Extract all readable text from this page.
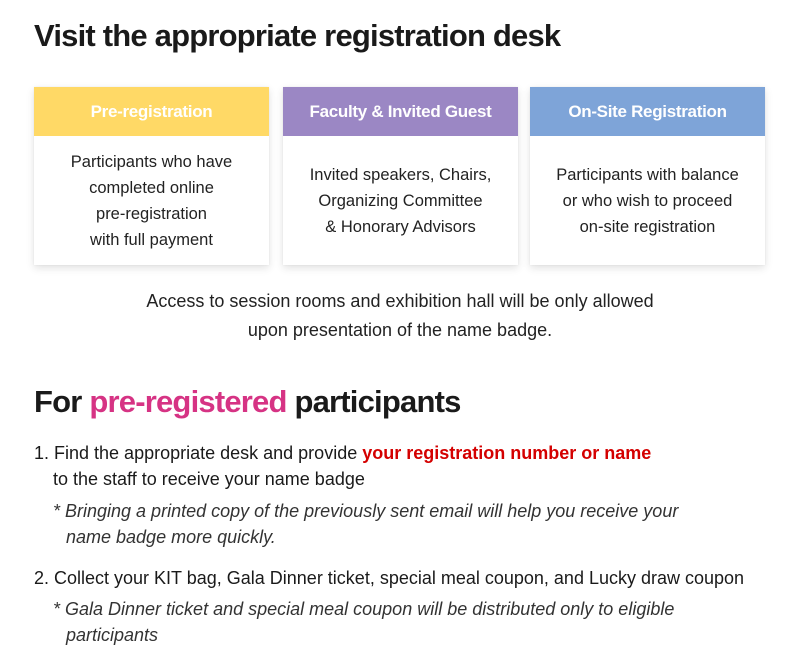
Visit the appropriate registration desk
Pre-registration
Participants who have
completed online
pre-registration
with full payment
Faculty & Invited Guest
Invited speakers, Chairs,
Organizing Committee
& Honorary Advisors
On-Site Registration
Participants with balance
or who wish to proceed
on-site registration
Access to session rooms and exhibition hall will be only allowed
upon presentation of the name badge.
For pre-registered participants
1. Find the appropriate desk and provide your registration number or name
to the staff to receive your name badge
* Bringing a printed copy of the previously sent email will help you receive your
name badge more quickly.
2. Collect your KIT bag, Gala Dinner ticket, special meal coupon, and Lucky draw coupon
* Gala Dinner ticket and special meal coupon will be distributed only to eligible
participants
